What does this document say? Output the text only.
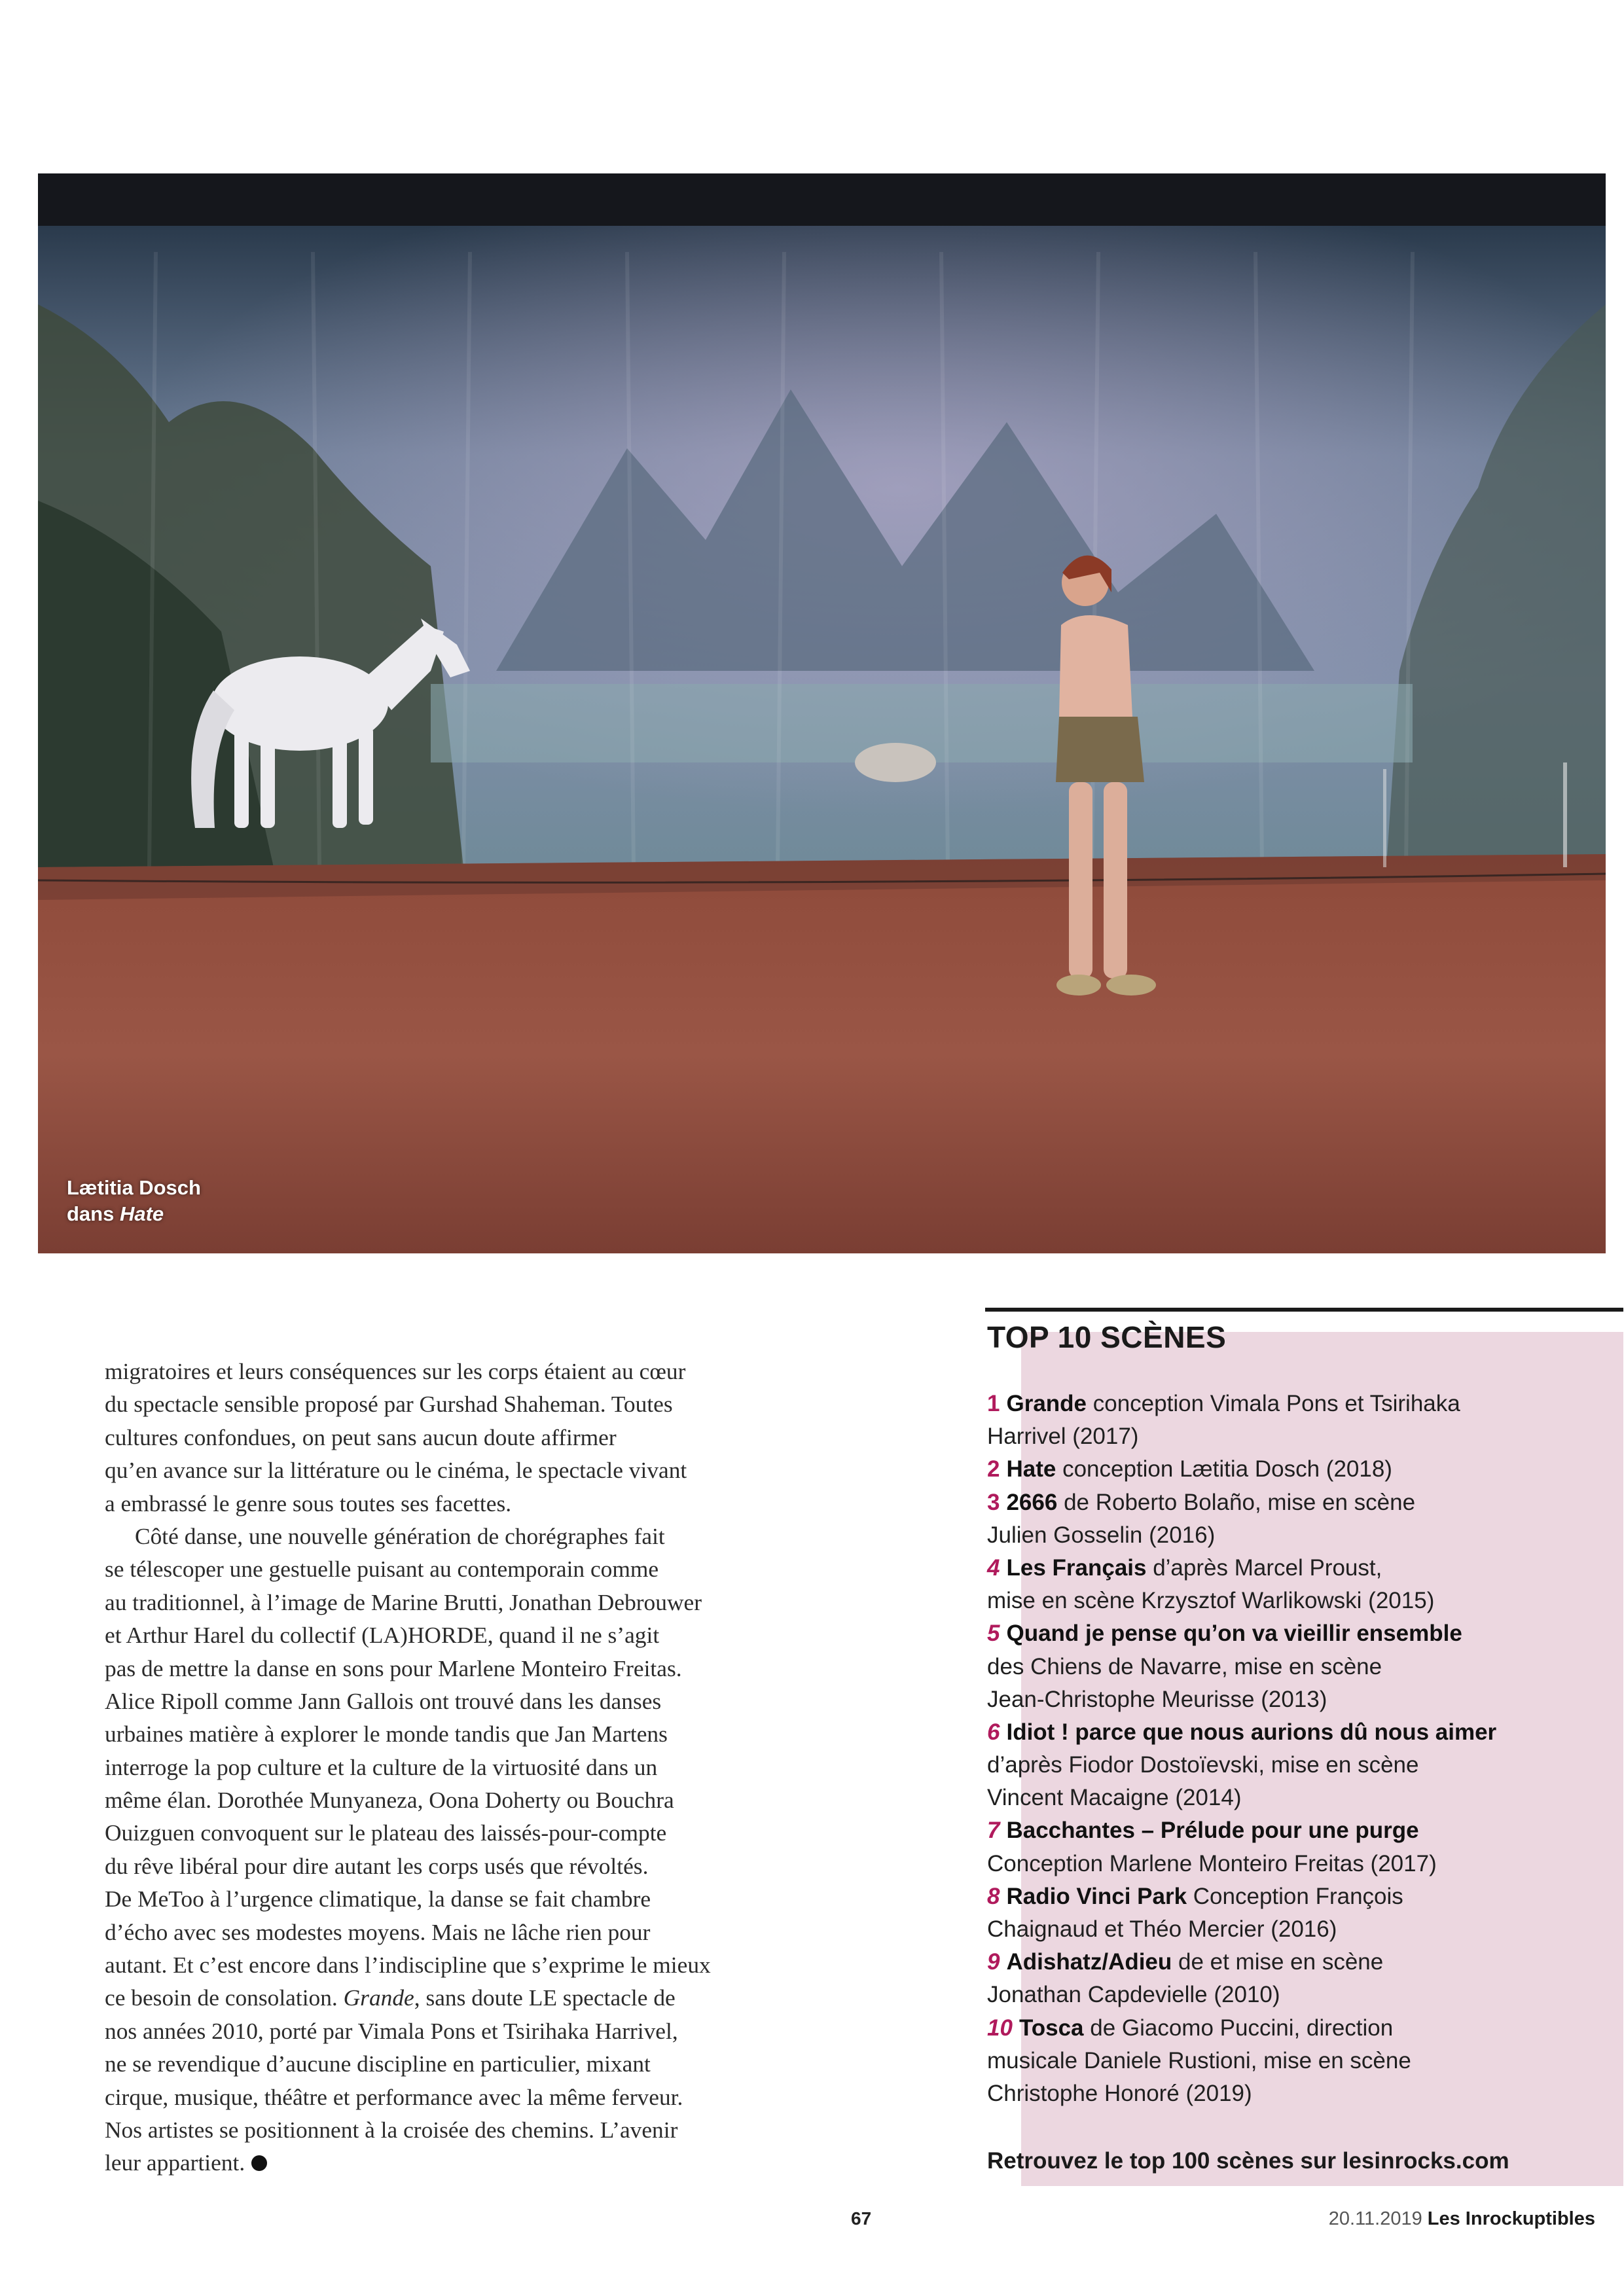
Lætitia Dosch
dans Hate
migratoires et leurs conséquences sur les corps étaient au cœur
du spectacle sensible proposé par Gurshad Shaheman. Toutes
cultures confondues, on peut sans aucun doute affirmer
qu’en avance sur la littérature ou le cinéma, le spectacle vivant
a embrassé le genre sous toutes ses facettes.
Côté danse, une nouvelle génération de chorégraphes fait
se télescoper une gestuelle puisant au contemporain comme
au traditionnel, à l’image de Marine Brutti, Jonathan Debrouwer
et Arthur Harel du collectif (LA)HORDE, quand il ne s’agit
pas de mettre la danse en sons pour Marlene Monteiro Freitas.
Alice Ripoll comme Jann Gallois ont trouvé dans les danses
urbaines matière à explorer le monde tandis que Jan Martens
interroge la pop culture et la culture de la virtuosité dans un
même élan. Dorothée Munyaneza, Oona Doherty ou Bouchra
Ouizguen convoquent sur le plateau des laissés-pour-compte
du rêve libéral pour dire autant les corps usés que révoltés.
De MeToo à l’urgence climatique, la danse se fait chambre
d’écho avec ses modestes moyens. Mais ne lâche rien pour
autant. Et c’est encore dans l’indiscipline que s’exprime le mieux
ce besoin de consolation. Grande, sans doute LE spectacle de
nos années 2010, porté par Vimala Pons et Tsirihaka Harrivel,
ne se revendique d’aucune discipline en particulier, mixant
cirque, musique, théâtre et performance avec la même ferveur.
Nos artistes se positionnent à la croisée des chemins. L’avenir
leur appartient.
TOP 10 SCÈNES
1 Grande conception Vimala Pons et Tsirihaka
Harrivel (2017)
2 Hate conception Lætitia Dosch (2018)
3 2666 de Roberto Bolaño, mise en scène
Julien Gosselin (2016)
4 Les Français d’après Marcel Proust,
mise en scène Krzysztof Warlikowski (2015)
5 Quand je pense qu’on va vieillir ensemble
des Chiens de Navarre, mise en scène
Jean-Christophe Meurisse (2013)
6 Idiot ! parce que nous aurions dû nous aimer
d’après Fiodor Dostoïevski, mise en scène
Vincent Macaigne (2014)
7 Bacchantes – Prélude pour une purge
Conception Marlene Monteiro Freitas (2017)
8 Radio Vinci Park Conception François
Chaignaud et Théo Mercier (2016)
9 Adishatz/Adieu de et mise en scène
Jonathan Capdevielle (2010)
10 Tosca de Giacomo Puccini, direction
musicale Daniele Rustioni, mise en scène
Christophe Honoré (2019)
Retrouvez le top 100 scènes sur lesinrocks.com
67	20.11.2019 Les Inrockuptibles
